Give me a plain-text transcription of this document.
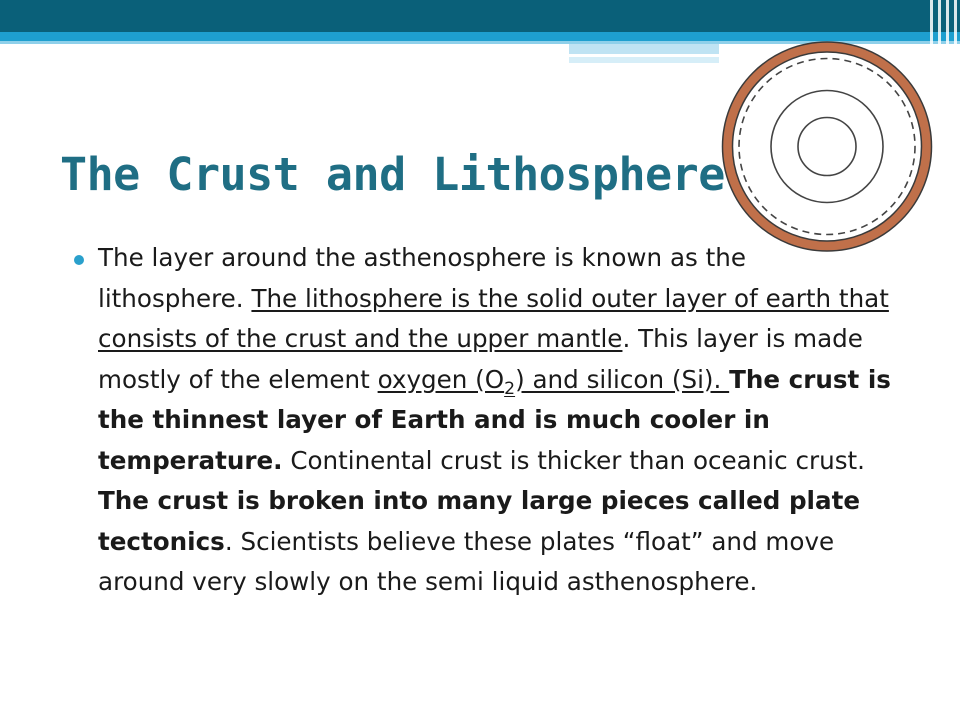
The Crust and Lithosphere
The layer around the asthenosphere is known as the lithosphere. The lithosphere is the solid outer layer of earth that consists of the crust and the upper mantle. This layer is made mostly of the element oxygen $(O_2)$ and silicon (Si). The crust is the thinnest layer of Earth and is much cooler in temperature. Continental crust is thicker than oceanic crust. The crust is broken into many large pieces called plate tectonics. Scientists believe these plates “float” and move around very slowly on the semi liquid asthenosphere.
